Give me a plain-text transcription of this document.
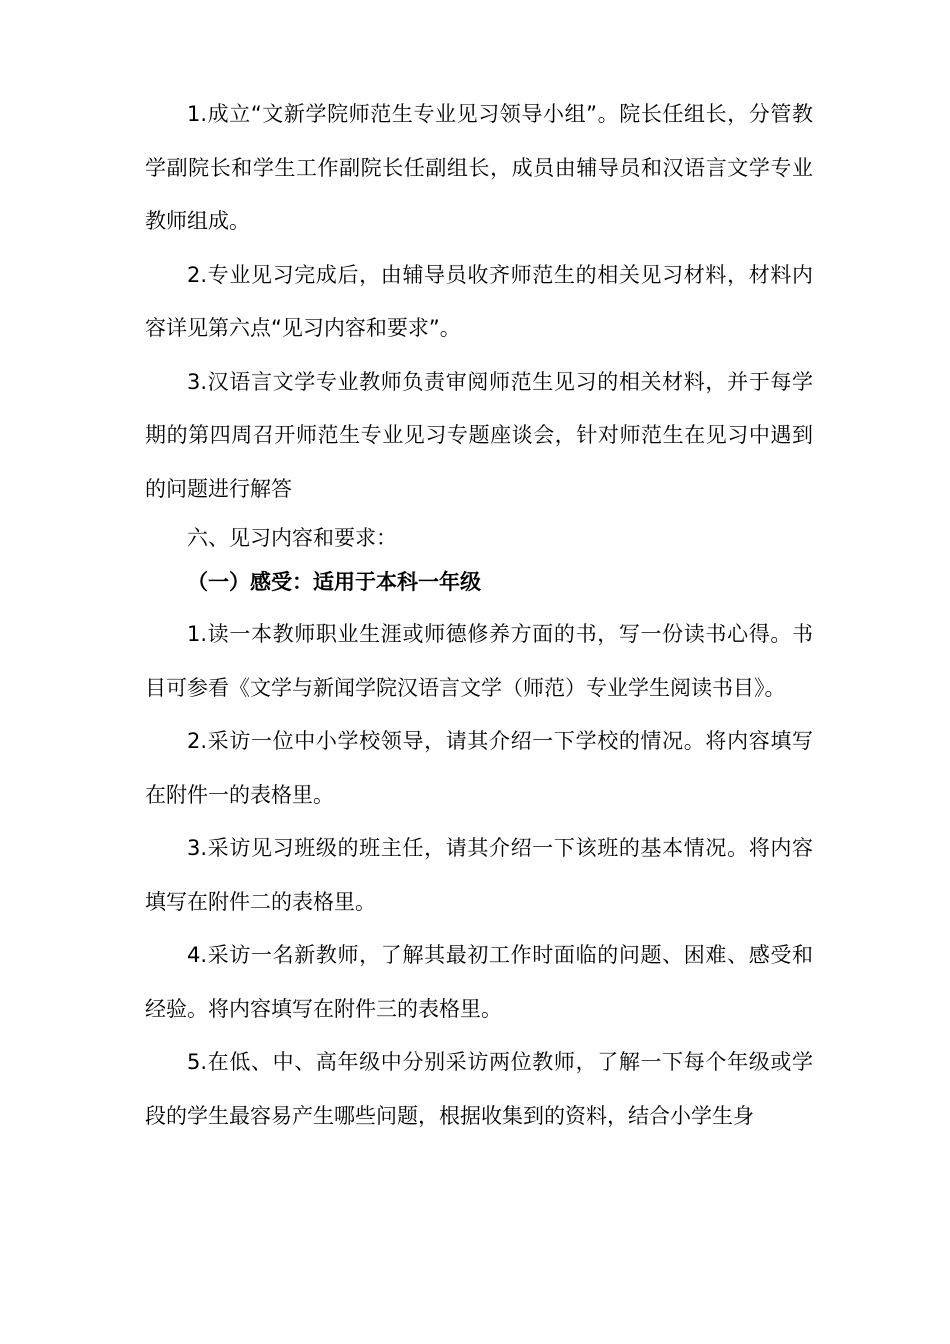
1.成立“文新学院师范生专业见习领导小组”。院长任组长，分管教学副院长和学生工作副院长任副组长，成员由辅导员和汉语言文学专业教师组成。

2.专业见习完成后，由辅导员收齐师范生的相关见习材料，材料内容详见第六点“见习内容和要求”。

3.汉语言文学专业教师负责审阅师范生见习的相关材料，并于每学期的第四周召开师范生专业见习专题座谈会，针对师范生在见习中遇到的问题进行解答

六、见习内容和要求：

（一）感受：适用于本科一年级

1.读一本教师职业生涯或师德修养方面的书，写一份读书心得。书目可参看《文学与新闻学院汉语言文学（师范）专业学生阅读书目》。

2.采访一位中小学校领导，请其介绍一下学校的情况。将内容填写在附件一的表格里。

3.采访见习班级的班主任，请其介绍一下该班的基本情况。将内容填写在附件二的表格里。

4.采访一名新教师，了解其最初工作时面临的问题、困难、感受和经验。将内容填写在附件三的表格里。

5.在低、中、高年级中分别采访两位教师，了解一下每个年级或学段的学生最容易产生哪些问题，根据收集到的资料，结合小学生身
